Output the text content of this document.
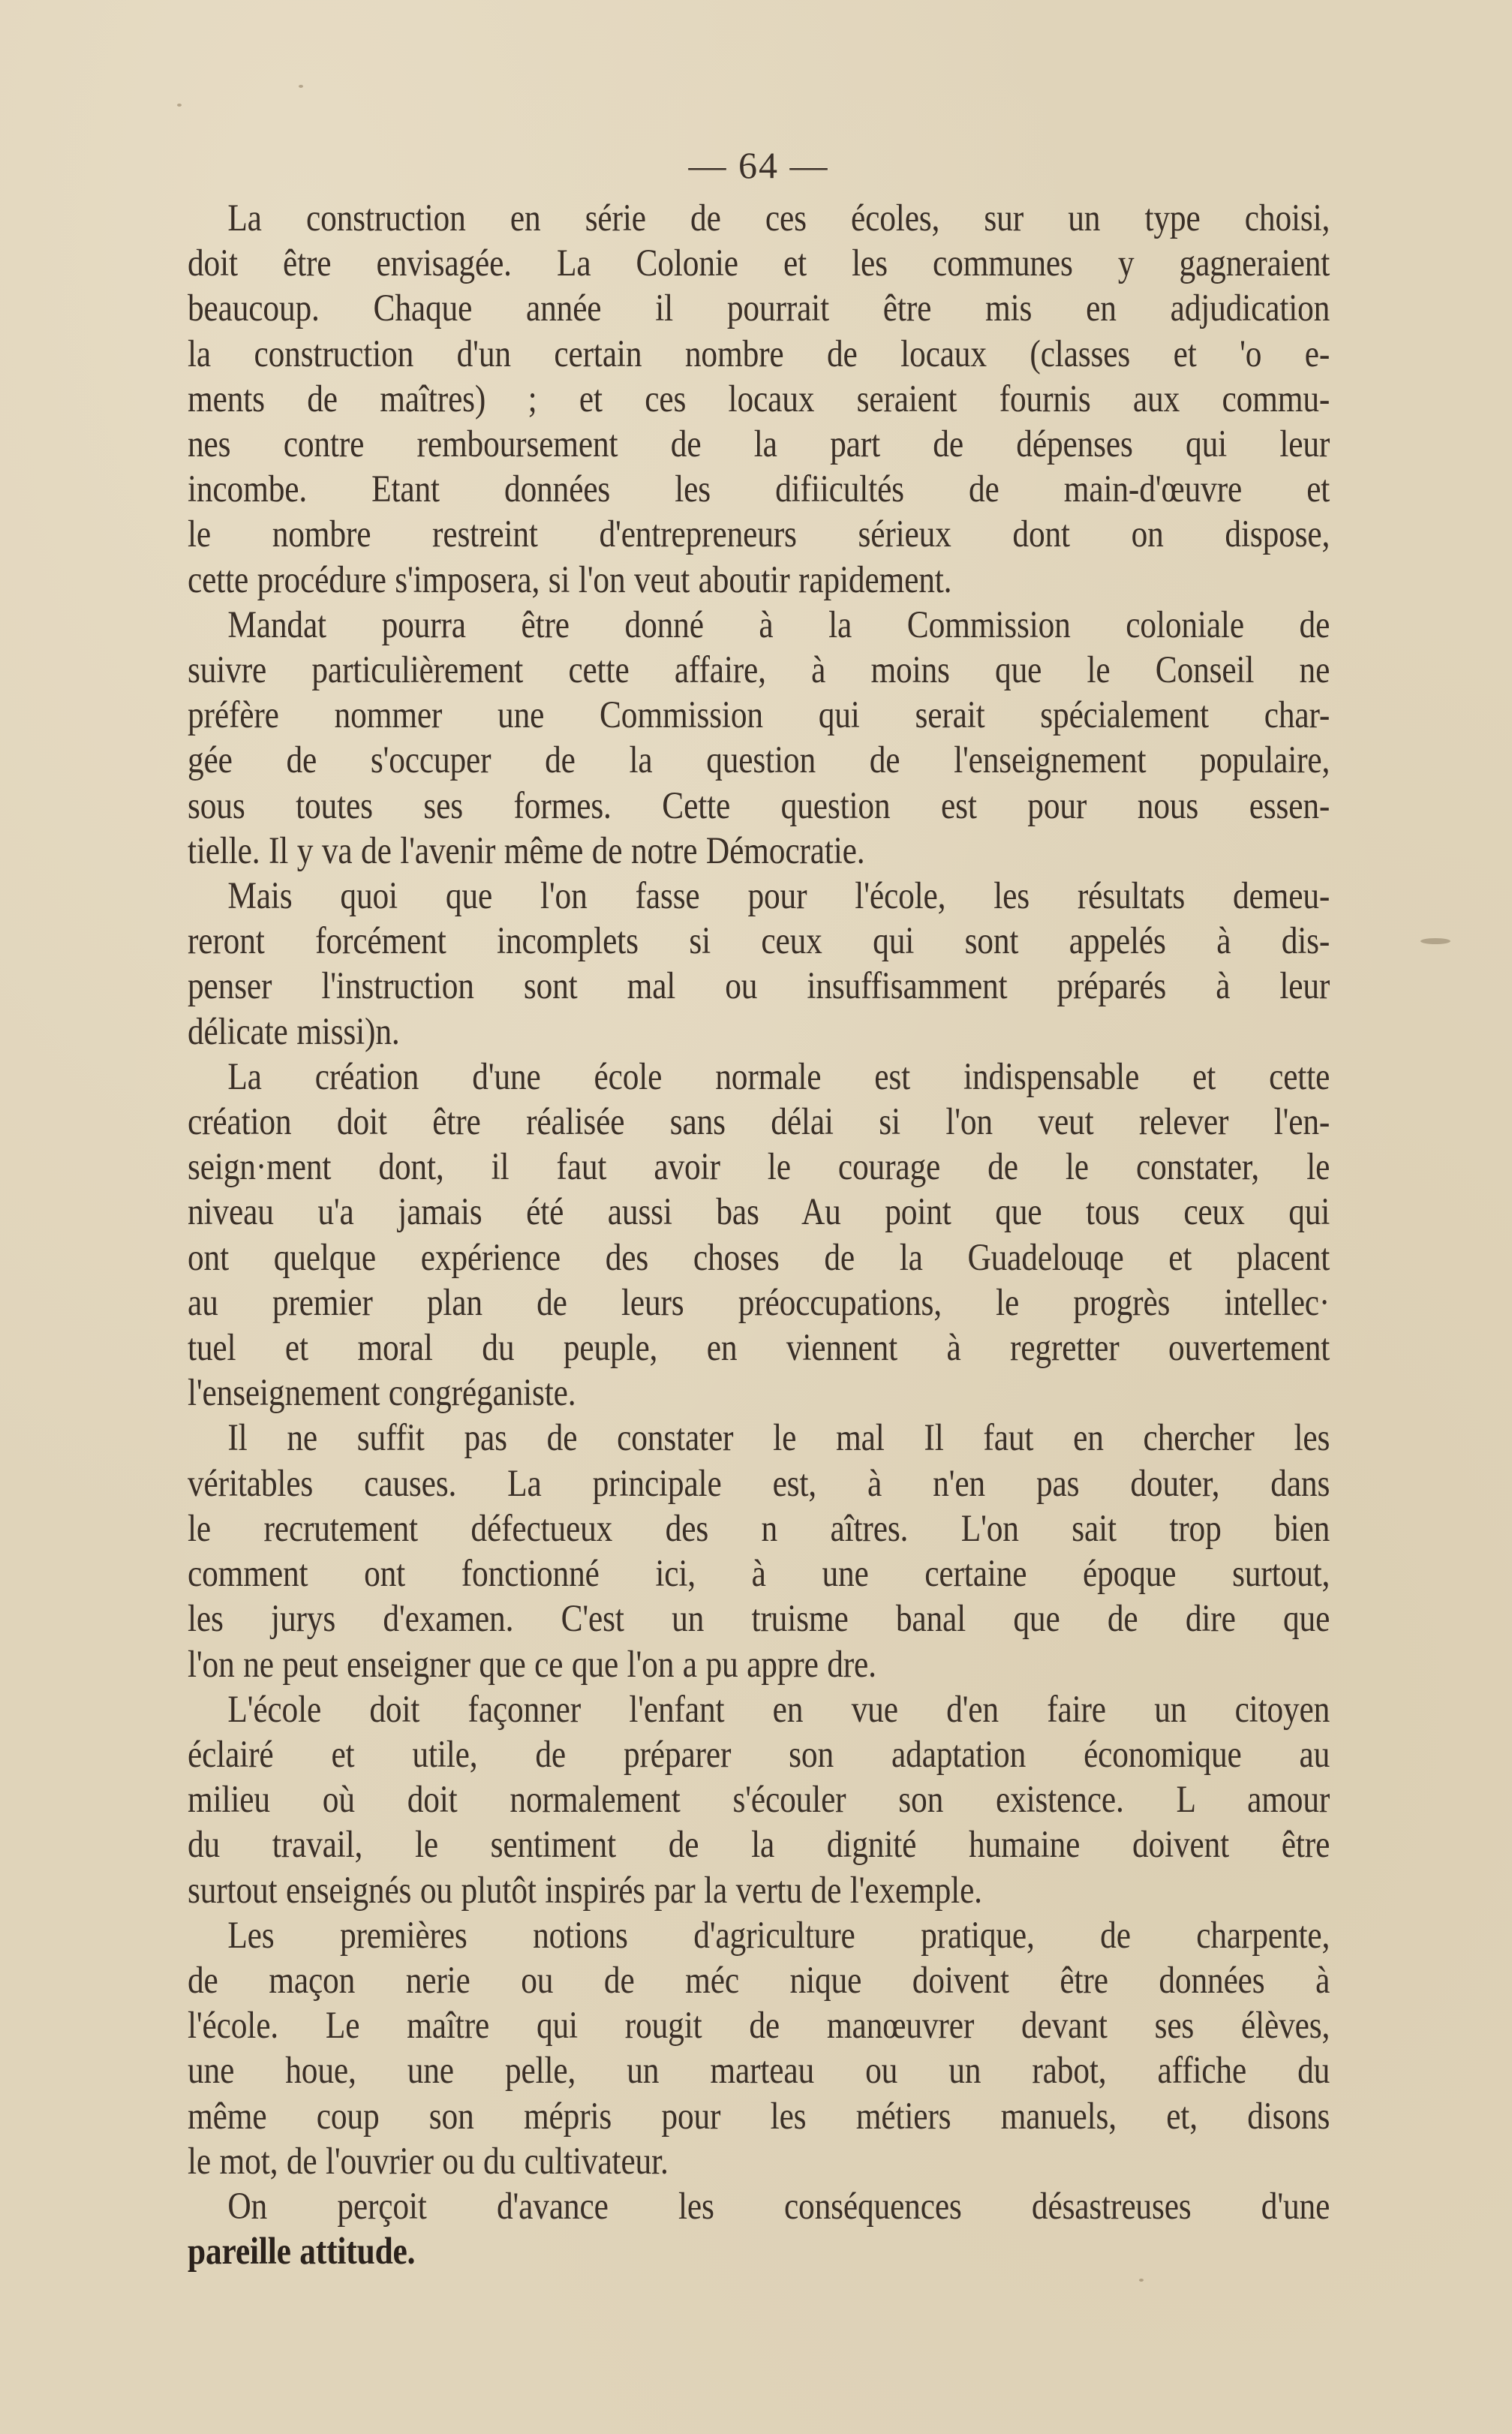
— 64 —

La construction en série de ces écoles, sur un type choisi,
doit être envisagée. La Colonie et les communes y gagneraient
beaucoup. Chaque année il pourrait être mis en adjudication
la construction d'un certain nombre de locaux (classes et 'o e-
ments de maîtres) ; et ces locaux seraient fournis aux commu-
nes contre remboursement de la part de dépenses qui leur
incombe. Etant données les difiicultés de main-d'œuvre et
le nombre restreint d'entrepreneurs sérieux dont on dispose,
cette procédure s'imposera, si l'on veut aboutir rapidement.

Mandat pourra être donné à la Commission coloniale de
suivre particulièrement cette affaire, à moins que le Conseil ne
préfère nommer une Commission qui serait spécialement char-
gée de s'occuper de la question de l'enseignement populaire,
sous toutes ses formes. Cette question est pour nous essen-
tielle. Il y va de l'avenir même de notre Démocratie.

Mais quoi que l'on fasse pour l'école, les résultats demeu-
reront forcément incomplets si ceux qui sont appelés à dis-
penser l'instruction sont mal ou insuffisamment préparés à leur
délicate missi)n.

La création d'une école normale est indispensable et cette
création doit être réalisée sans délai si l'on veut relever l'en-
seign·ment dont, il faut avoir le courage de le constater, le
niveau u'a jamais été aussi bas Au point que tous ceux qui
ont quelque expérience des choses de la Guadelouqe et placent
au premier plan de leurs préoccupations, le progrès intellec·
tuel et moral du peuple, en viennent à regretter ouvertement
l'enseignement congréganiste.

Il ne suffit pas de constater le mal Il faut en chercher les
véritables causes. La principale est, à n'en pas douter, dans
le recrutement défectueux des n aîtres. L'on sait trop bien
comment ont fonctionné ici, à une certaine époque surtout,
les jurys d'examen. C'est un truisme banal que de dire que
l'on ne peut enseigner que ce que l'on a pu appre dre.

L'école doit façonner l'enfant en vue d'en faire un citoyen
éclairé et utile, de préparer son adaptation économique au
milieu où doit normalement s'écouler son existence. L amour
du travail, le sentiment de la dignité humaine doivent être
surtout enseignés ou plutôt inspirés par la vertu de l'exemple.

Les premières notions d'agriculture pratique, de charpente,
de maçon nerie ou de méc nique doivent être données à
l'école. Le maître qui rougit de manœuvrer devant ses élèves,
une houe, une pelle, un marteau ou un rabot, affiche du
même coup son mépris pour les métiers manuels, et, disons
le mot, de l'ouvrier ou du cultivateur.

On perçoit d'avance les conséquences désastreuses d'une
pareille attitude.
